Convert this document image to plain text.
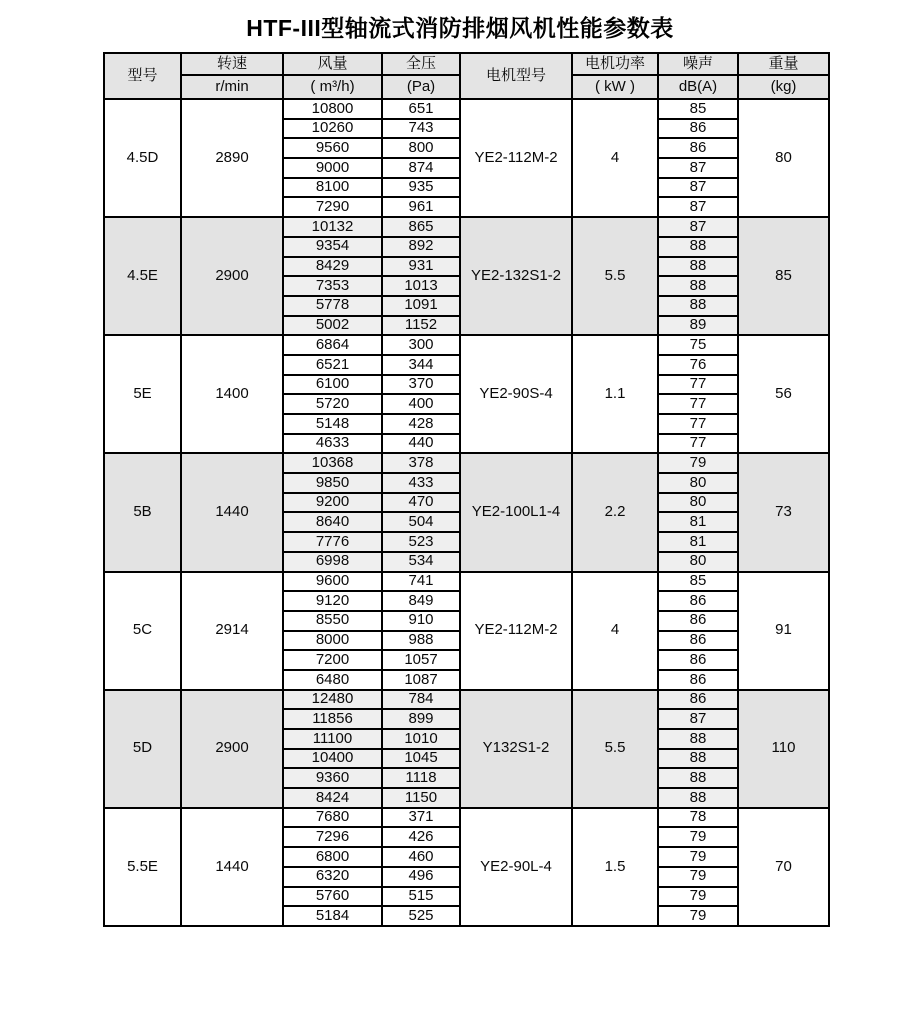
HTF-III型轴流式消防排烟风机性能参数表
型号	转速	风量	全压	电机型号	电机功率	噪声	重量
	r/min	( m³/h)	(Pa)		( kW )	dB(A)	(kg)
4.5D	2890	10800	651	YE2-112M-2	4	85	80
		10260	743			86	
		9560	800			86	
		9000	874			87	
		8100	935			87	
		7290	961			87	
4.5E	2900	10132	865	YE2-132S1-2	5.5	87	85
		9354	892			88	
		8429	931			88	
		7353	1013			88	
		5778	1091			88	
		5002	1152			89	
5E	1400	6864	300	YE2-90S-4	1.1	75	56
		6521	344			76	
		6100	370			77	
		5720	400			77	
		5148	428			77	
		4633	440			77	
5B	1440	10368	378	YE2-100L1-4	2.2	79	73
		9850	433			80	
		9200	470			80	
		8640	504			81	
		7776	523			81	
		6998	534			80	
5C	2914	9600	741	YE2-112M-2	4	85	91
		9120	849			86	
		8550	910			86	
		8000	988			86	
		7200	1057			86	
		6480	1087			86	
5D	2900	12480	784	Y132S1-2	5.5	86	110
		11856	899			87	
		11100	1010			88	
		10400	1045			88	
		9360	1118			88	
		8424	1150			88	
5.5E	1440	7680	371	YE2-90L-4	1.5	78	70
		7296	426			79	
		6800	460			79	
		6320	496			79	
		5760	515			79	
		5184	525			79	
